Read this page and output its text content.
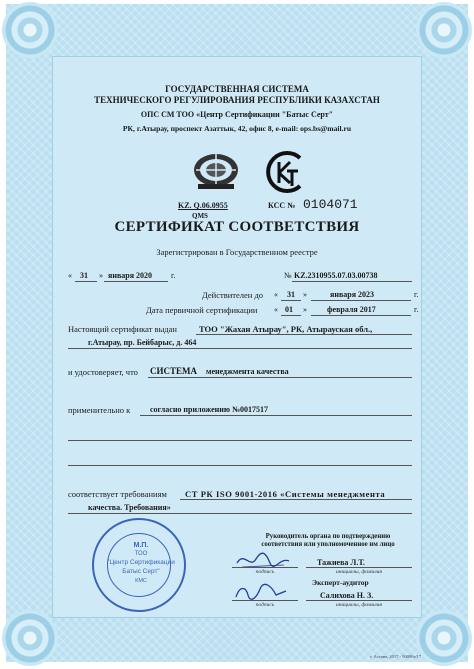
ГОСУДАРСТВЕННАЯ СИСТЕМА
ТЕХНИЧЕСКОГО РЕГУЛИРОВАНИЯ РЕСПУБЛИКИ КАЗАХСТАН
ОПС СМ ТОО «Центр Сертификации "Батыс Серт"
РК, г.Атырау, проспект Азаттык, 42, офис 8, e-mail: ops.bs@mail.ru
KZ. Q.06.0955
QMS
КСС № 0104071
СЕРТИФИКАТ СООТВЕТСТВИЯ
Зарегистрирован в Государственном реестре
« 31 » января 2020 г.	№ KZ.2310955.07.03.00738
Действителен до « 31 »	января 2023	г.
Дата первичной сертификации « 01 »	февраля 2017	г.
Настоящий сертификат выдан	ТОО "Жахан Атырау", РК, Атырауская обл.,
г.Атырау, пр. Бейбарыс, д. 464
и удостоверяет, что СИСТЕМА менеджмента качества
применительно к согласно приложению №0017517
соответствует требованиям СТ РК ISO 9001-2016 «Системы менеджмента
качества. Требования»
Руководитель органа по подтверждению
соответствия или уполномоченное им лицо
подпись
Тажиева Л.Т.
инициалы, фамилия
Эксперт-аудитор
подпись
Салихова Н. З.
инициалы, фамилия
М.П.
ТОО
"Центр Сертификации
Батыс Серт"
КМС
г. Астана, 2017 - 50000т/17
